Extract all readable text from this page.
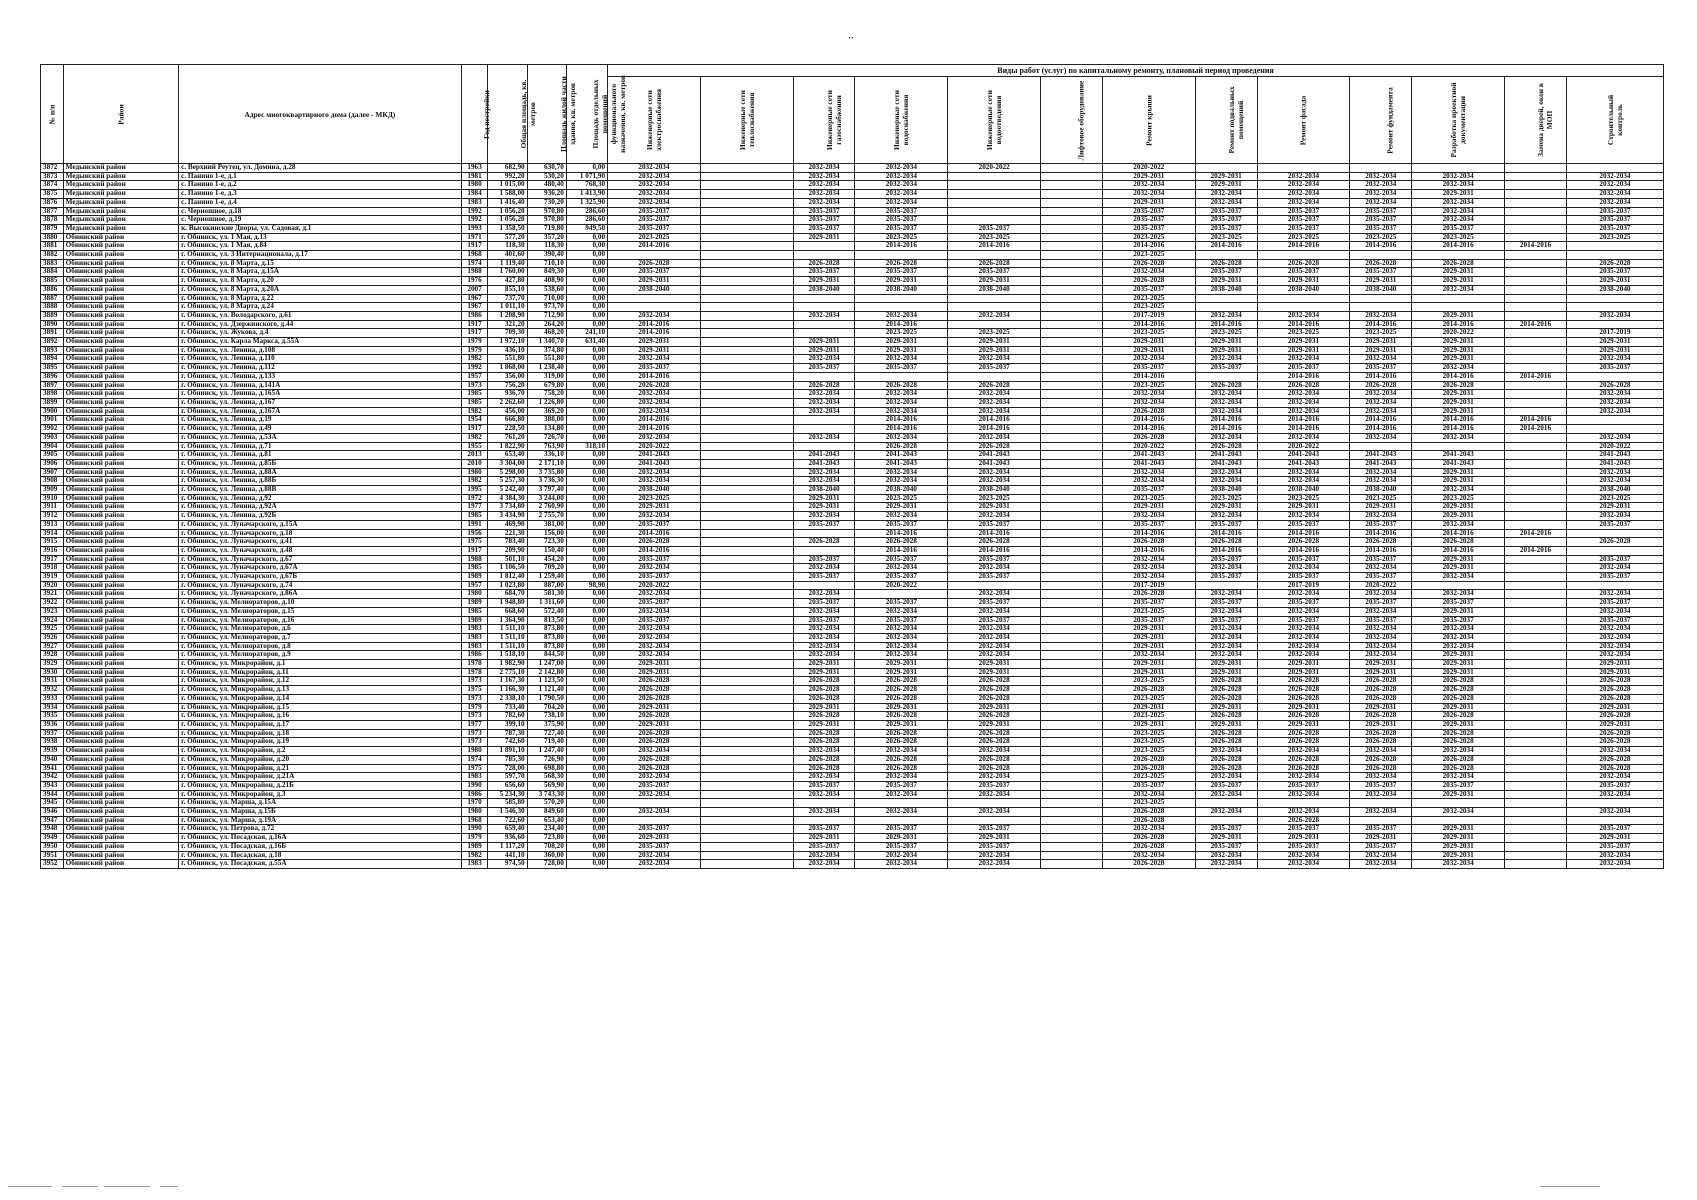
··
№ п/п	Район	Адрес многоквартирного дома (далее - МКД)	Год постройки	Общая площадь, кв. метров	Площадь жилой части здания, кв. метров	Площадь отдельных помещений функционального назначения, кв. метров	Виды работ (услуг) по капитальному ремонту, плановый период проведения												
							Инженерные сети электроснабжения	Инженерные сети теплоснабжения	Инженерные сети газоснабжения	Инженерные сети водоснабжения	Инженерные сети водоотведения	Лифтовое оборудование	Ремонт крыши	Ремонт подвальных помещений	Ремонт фасада	Ремонт фундамента	Разработка проектной документации	Замена дверей, окон в МОП	Строительный контроль
3872	Медынский район	с. Верхний Реутец, ул. Домина, д.28	1963	682,90	630,70	0,00	2032-2034		2032-2034	2032-2034	2020-2022		2020-2022						
3873	Медынский район	с. Панино 1-е, д.1	1981	992,20	530,20	1 071,90	2032-2034		2032-2034	2032-2034			2029-2031	2029-2031	2032-2034	2032-2034	2032-2034		2032-2034
3874	Медынский район	с. Панино 1-е, д.2	1980	1 015,00	480,40	768,30	2032-2034		2032-2034	2032-2034			2032-2034	2029-2031	2032-2034	2032-2034	2032-2034		2032-2034
3875	Медынский район	с. Панино 1-е, д.3	1984	1 588,00	936,20	1 413,90	2032-2034		2032-2034	2032-2034			2032-2034	2032-2034	2032-2034	2032-2034	2029-2031		2032-2034
3876	Медынский район	с. Панино 1-е, д.4	1983	1 416,40	730,20	1 325,90	2032-2034		2032-2034	2032-2034			2029-2031	2032-2034	2032-2034	2032-2034	2032-2034		2032-2034
3877	Медынский район	с. Черношное, д.18	1992	1 056,20	970,80	286,60	2035-2037		2035-2037	2035-2037			2035-2037	2035-2037	2035-2037	2035-2037	2032-2034		2035-2037
3878	Медынский район	с. Черношное, д.19	1992	1 056,20	970,80	286,60	2035-2037		2035-2037	2035-2037			2035-2037	2035-2037	2035-2037	2035-2037	2032-2034		2035-2037
3879	Медынский район	к. Высокинские Дворы, ул. Садовая, д.1	1993	1 358,50	719,80	949,50	2035-2037		2035-2037	2035-2037	2035-2037		2035-2037	2035-2037	2035-2037	2035-2037	2035-2037		2035-2037
3880	Обнинский район	г. Обнинск, ул. 1 Мая, д.13	1971	577,20	357,20	0,00	2023-2025		2029-2031	2023-2025	2023-2025		2023-2025	2023-2025	2023-2025	2023-2025	2023-2025		2023-2025
3881	Обнинский район	г. Обнинск, ул. 1 Мая, д.84	1917	118,30	118,30	0,00	2014-2016			2014-2016	2014-2016		2014-2016	2014-2016	2014-2016	2014-2016	2014-2016	2014-2016	
3882	Обнинский район	г. Обнинск, ул. 3 Интернационала, д.17	1968	401,60	390,40	0,00							2023-2025						
3883	Обнинский район	г. Обнинск, ул. 8 Марта, д.15	1974	1 119,40	710,10	0,00	2026-2028		2026-2028	2026-2028	2026-2028		2026-2028	2026-2028	2026-2028	2026-2028	2026-2028		2026-2028
3884	Обнинский район	г. Обнинск, ул. 8 Марта, д.15А	1988	1 760,00	849,30	0,00	2035-2037		2035-2037	2035-2037	2035-2037		2032-2034	2035-2037	2035-2037	2035-2037	2029-2031		2035-2037
3885	Обнинский район	г. Обнинск, ул. 8 Марта, д.20	1976	427,80	408,90	0,00	2029-2031		2029-2031	2029-2031	2029-2031		2026-2028	2029-2031	2029-2031	2029-2031	2029-2031		2029-2031
3886	Обнинский район	г. Обнинск, ул. 8 Марта, д.20А	2007	855,10	538,60	0,00	2038-2040		2038-2040	2038-2040	2038-2040		2035-2037	2038-2040	2038-2040	2038-2040	2032-2034		2038-2040
3887	Обнинский район	г. Обнинск, ул. 8 Марта, д.22	1967	737,70	710,00	0,00							2023-2025						
3888	Обнинский район	г. Обнинск, ул. 8 Марта, д.24	1967	1 011,10	973,70	0,00							2023-2025						
3889	Обнинский район	г. Обнинск, ул. Володарского, д.61	1986	1 208,90	712,90	0,00	2032-2034		2032-2034	2032-2034	2032-2034		2017-2019	2032-2034	2032-2034	2032-2034	2029-2031		2032-2034
3890	Обнинский район	г. Обнинск, ул. Дзержинского, д.44	1917	321,20	264,20	0,00	2014-2016			2014-2016			2014-2016	2014-2016	2014-2016	2014-2016	2014-2016	2014-2016	
3891	Обнинский район	г. Обнинск, ул. Жукова, д.4	1917	709,30	468,20	241,10	2014-2016			2023-2025	2023-2025		2023-2025	2023-2025	2023-2025	2023-2025	2020-2022		2017-2019
3892	Обнинский район	г. Обнинск, ул. Карла Маркса, д.55А	1979	1 972,10	1 340,70	631,40	2029-2031		2029-2031	2029-2031	2029-2031		2029-2031	2029-2031	2029-2031	2029-2031	2029-2031		2029-2031
3893	Обнинский район	г. Обнинск, ул. Ленина, д.108	1979	436,10	374,80	0,00	2029-2031		2029-2031	2029-2031	2029-2031		2029-2031	2029-2031	2029-2031	2029-2031	2029-2031		2029-2031
3894	Обнинский район	г. Обнинск, ул. Ленина, д.110	1982	551,80	551,80	0,00	2032-2034		2032-2034	2032-2034	2032-2034		2032-2034	2032-2034	2032-2034	2032-2034	2029-2031		2032-2034
3895	Обнинский район	г. Обнинск, ул. Ленина, д.112	1992	1 868,00	1 238,40	0,00	2035-2037		2035-2037	2035-2037	2035-2037		2035-2037	2035-2037	2035-2037	2035-2037	2032-2034		2035-2037
3896	Обнинский район	г. Обнинск, ул. Ленина, д.133	1957	356,00	319,00	0,00	2014-2016						2014-2016		2014-2016	2014-2016	2014-2016	2014-2016	
3897	Обнинский район	г. Обнинск, ул. Ленина, д.141А	1973	756,20	679,80	0,00	2026-2028		2026-2028	2026-2028	2026-2028		2023-2025	2026-2028	2026-2028	2026-2028	2026-2028		2026-2028
3898	Обнинский район	г. Обнинск, ул. Ленина, д.165А	1985	936,70	758,20	0,00	2032-2034		2032-2034	2032-2034	2032-2034		2032-2034	2032-2034	2032-2034	2032-2034	2029-2031		2032-2034
3899	Обнинский район	г. Обнинск, ул. Ленина, д.167	1985	2 262,60	1 226,80	0,00	2032-2034		2032-2034	2032-2034	2032-2034		2032-2034	2032-2034	2032-2034	2032-2034	2029-2031		2032-2034
3900	Обнинский район	г. Обнинск, ул. Ленина, д.167А	1982	456,00	369,20	0,00	2032-2034		2032-2034	2032-2034	2032-2034		2026-2028	2032-2034	2032-2034	2032-2034	2029-2031		2032-2034
3901	Обнинский район	г. Обнинск, ул. Ленина, д.19	1954	666,80	388,00	0,00	2014-2016			2014-2016	2014-2016		2014-2016	2014-2016	2014-2016	2014-2016	2014-2016	2014-2016	
3902	Обнинский район	г. Обнинск, ул. Ленина, д.49	1917	228,50	134,80	0,00	2014-2016			2014-2016	2014-2016		2014-2016	2014-2016	2014-2016	2014-2016	2014-2016	2014-2016	
3903	Обнинский район	г. Обнинск, ул. Ленина, д.53А	1982	761,20	726,70	0,00	2032-2034		2032-2034	2032-2034	2032-2034		2026-2028	2032-2034	2032-2034	2032-2034	2032-2034		2032-2034
3904	Обнинский район	г. Обнинск, ул. Ленина, д.71	1955	1 822,90	763,90	318,10	2020-2022			2026-2028	2026-2028		2020-2022	2026-2028	2020-2022				2020-2022
3905	Обнинский район	г. Обнинск, ул. Ленина, д.81	2013	653,40	336,10	0,00	2041-2043		2041-2043	2041-2043	2041-2043		2041-2043	2041-2043	2041-2043	2041-2043	2041-2043		2041-2043
3906	Обнинский район	г. Обнинск, ул. Ленина, д.85Б	2010	3 304,00	2 171,10	0,00	2041-2043		2041-2043	2041-2043	2041-2043		2041-2043	2041-2043	2041-2043	2041-2043	2041-2043		2041-2043
3907	Обнинский район	г. Обнинск, ул. Ленина, д.88А	1980	5 298,00	3 735,80	0,00	2032-2034		2032-2034	2032-2034	2032-2034		2032-2034	2032-2034	2032-2034	2032-2034	2029-2031		2032-2034
3908	Обнинский район	г. Обнинск, ул. Ленина, д.88Б	1982	5 257,30	3 736,30	0,00	2032-2034		2032-2034	2032-2034	2032-2034		2032-2034	2032-2034	2032-2034	2032-2034	2029-2031		2032-2034
3909	Обнинский район	г. Обнинск, ул. Ленина, д.88В	1995	5 242,40	3 797,40	0,00	2038-2040		2038-2040	2038-2040	2038-2040		2035-2037	2038-2040	2038-2040	2038-2040	2032-2034		2038-2040
3910	Обнинский район	г. Обнинск, ул. Ленина, д.92	1972	4 384,30	3 244,00	0,00	2023-2025		2029-2031	2023-2025	2023-2025		2023-2025	2023-2025	2023-2025	2023-2025	2023-2025		2023-2025
3911	Обнинский район	г. Обнинск, ул. Ленина, д.92А	1977	3 734,80	2 760,90	0,00	2029-2031		2029-2031	2029-2031	2029-2031		2029-2031	2029-2031	2029-2031	2029-2031	2029-2031		2029-2031
3912	Обнинский район	г. Обнинск, ул. Ленина, д.92Б	1985	3 434,90	2 755,70	0,00	2032-2034		2032-2034	2032-2034	2032-2034		2032-2034	2032-2034	2032-2034	2032-2034	2029-2031		2032-2034
3913	Обнинский район	г. Обнинск, ул. Луначарского, д.15А	1991	469,90	381,00	0,00	2035-2037		2035-2037	2035-2037	2035-2037		2035-2037	2035-2037	2035-2037	2035-2037	2032-2034		2035-2037
3914	Обнинский район	г. Обнинск, ул. Луначарского, д.18	1956	221,30	156,00	0,00	2014-2016			2014-2016	2014-2016		2014-2016	2014-2016	2014-2016	2014-2016	2014-2016	2014-2016	
3915	Обнинский район	г. Обнинск, ул. Луначарского, д.41	1975	783,40	723,30	0,00	2026-2028		2026-2028	2026-2028	2026-2028		2026-2028	2026-2028	2026-2028	2026-2028	2026-2028		2026-2028
3916	Обнинский район	г. Обнинск, ул. Луначарского, д.48	1917	209,90	150,40	0,00	2014-2016			2014-2016	2014-2016		2014-2016	2014-2016	2014-2016	2014-2016	2014-2016	2014-2016	
3917	Обнинский район	г. Обнинск, ул. Луначарского, д.67	1988	501,10	454,20	0,00	2035-2037		2035-2037	2035-2037	2035-2037		2032-2034	2035-2037	2035-2037	2035-2037	2029-2031		2035-2037
3918	Обнинский район	г. Обнинск, ул. Луначарского, д.67А	1985	1 106,50	709,20	0,00	2032-2034		2032-2034	2032-2034	2032-2034		2032-2034	2032-2034	2032-2034	2032-2034	2029-2031		2032-2034
3919	Обнинский район	г. Обнинск, ул. Луначарского, д.67Б	1989	1 812,40	1 259,40	0,00	2035-2037		2035-2037	2035-2037	2035-2037		2032-2034	2035-2037	2035-2037	2035-2037	2032-2034		2035-2037
3920	Обнинский район	г. Обнинск, ул. Луначарского, д.74	1957	1 023,80	887,00	98,90	2020-2022			2020-2022			2017-2019		2017-2019	2020-2022			
3921	Обнинский район	г. Обнинск, ул. Луначарского, д.86А	1980	684,70	581,30	0,00	2032-2034		2032-2034		2032-2034		2026-2028	2032-2034	2032-2034	2032-2034	2032-2034		2032-2034
3922	Обнинский район	г. Обнинск, ул. Мелиораторов, д.10	1989	1 948,80	1 311,60	0,00	2035-2037		2035-2037	2035-2037	2035-2037		2035-2037	2035-2037	2035-2037	2035-2037	2035-2037		2035-2037
3923	Обнинский район	г. Обнинск, ул. Мелиораторов, д.15	1985	668,60	572,40	0,00	2032-2034		2032-2034	2032-2034	2032-2034		2023-2025	2032-2034	2032-2034	2032-2034	2029-2031		2032-2034
3924	Обнинский район	г. Обнинск, ул. Мелиораторов, д.16	1989	1 364,90	813,50	0,00	2035-2037		2035-2037	2035-2037	2035-2037		2035-2037	2035-2037	2035-2037	2035-2037	2035-2037		2035-2037
3925	Обнинский район	г. Обнинск, ул. Мелиораторов, д.6	1983	1 511,10	873,80	0,00	2032-2034		2032-2034	2032-2034	2032-2034		2029-2031	2032-2034	2032-2034	2032-2034	2032-2034		2032-2034
3926	Обнинский район	г. Обнинск, ул. Мелиораторов, д.7	1983	1 511,10	873,80	0,00	2032-2034		2032-2034	2032-2034	2032-2034		2029-2031	2032-2034	2032-2034	2032-2034	2032-2034		2032-2034
3927	Обнинский район	г. Обнинск, ул. Мелиораторов, д.8	1983	1 511,10	873,80	0,00	2032-2034		2032-2034	2032-2034	2032-2034		2029-2031	2032-2034	2032-2034	2032-2034	2032-2034		2032-2034
3928	Обнинский район	г. Обнинск, ул. Мелиораторов, д.9	1986	1 518,10	844,50	0,00	2032-2034		2032-2034	2032-2034	2032-2034		2032-2034	2032-2034	2032-2034	2032-2034	2029-2031		2032-2034
3929	Обнинский район	г. Обнинск, ул. Микрорайон, д.1	1978	1 982,90	1 247,00	0,00	2029-2031		2029-2031	2029-2031	2029-2031		2029-2031	2029-2031	2029-2031	2029-2031	2029-2031		2029-2031
3930	Обнинский район	г. Обнинск, ул. Микрорайон, д.11	1978	2 775,10	2 142,80	0,00	2029-2031		2029-2031	2029-2031	2029-2031		2029-2031	2029-2031	2029-2031	2029-2031	2029-2031		2029-2031
3931	Обнинский район	г. Обнинск, ул. Микрорайон, д.12	1973	1 167,30	1 123,50	0,00	2026-2028		2026-2028	2026-2028	2026-2028		2023-2025	2026-2028	2026-2028	2026-2028	2026-2028		2026-2028
3932	Обнинский район	г. Обнинск, ул. Микрорайон, д.13	1975	1 166,30	1 121,40	0,00	2026-2028		2026-2028	2026-2028	2026-2028		2026-2028	2026-2028	2026-2028	2026-2028	2026-2028		2026-2028
3933	Обнинский район	г. Обнинск, ул. Микрорайон, д.14	1973	2 338,10	1 790,50	0,00	2026-2028		2026-2028	2026-2028	2026-2028		2023-2025	2026-2028	2026-2028	2026-2028	2026-2028		2026-2028
3934	Обнинский район	г. Обнинск, ул. Микрорайон, д.15	1979	733,40	704,20	0,00	2029-2031		2029-2031	2029-2031	2029-2031		2029-2031	2029-2031	2029-2031	2029-2031	2029-2031		2029-2031
3935	Обнинский район	г. Обнинск, ул. Микрорайон, д.16	1973	782,60	738,10	0,00	2026-2028		2026-2028	2026-2028	2026-2028		2023-2025	2026-2028	2026-2028	2026-2028	2026-2028		2026-2028
3936	Обнинский район	г. Обнинск, ул. Микрорайон, д.17	1977	399,10	375,90	0,00	2029-2031		2029-2031	2029-2031	2029-2031		2029-2031	2029-2031	2029-2031	2029-2031	2029-2031		2029-2031
3937	Обнинский район	г. Обнинск, ул. Микрорайон, д.18	1973	787,30	727,40	0,00	2026-2028		2026-2028	2026-2028	2026-2028		2023-2025	2026-2028	2026-2028	2026-2028	2026-2028		2026-2028
3938	Обнинский район	г. Обнинск, ул. Микрорайон, д.19	1973	742,60	719,40	0,00	2026-2028		2026-2028	2026-2028	2026-2028		2023-2025	2026-2028	2026-2028	2026-2028	2026-2028		2026-2028
3939	Обнинский район	г. Обнинск, ул. Микрорайон, д.2	1980	1 891,10	1 247,40	0,00	2032-2034		2032-2034	2032-2034	2032-2034		2023-2025	2032-2034	2032-2034	2032-2034	2032-2034		2032-2034
3940	Обнинский район	г. Обнинск, ул. Микрорайон, д.20	1974	785,30	726,90	0,00	2026-2028		2026-2028	2026-2028	2026-2028		2026-2028	2026-2028	2026-2028	2026-2028	2026-2028		2026-2028
3941	Обнинский район	г. Обнинск, ул. Микрорайон, д.21	1975	728,00	698,80	0,00	2026-2028		2026-2028	2026-2028	2026-2028		2026-2028	2026-2028	2026-2028	2026-2028	2026-2028		2026-2028
3942	Обнинский район	г. Обнинск, ул. Микрорайон, д.21А	1983	597,70	568,30	0,00	2032-2034		2032-2034	2032-2034	2032-2034		2023-2025	2032-2034	2032-2034	2032-2034	2032-2034		2032-2034
3943	Обнинский район	г. Обнинск, ул. Микрорайон, д.21Б	1990	656,60	569,90	0,00	2035-2037		2035-2037	2035-2037	2035-2037		2035-2037	2035-2037	2035-2037	2035-2037	2035-2037		2035-2037
3944	Обнинский район	г. Обнинск, ул. Микрорайон, д.3	1986	5 234,30	3 743,30	0,00	2032-2034		2032-2034	2032-2034	2032-2034		2032-2034	2032-2034	2032-2034	2032-2034	2029-2031		2032-2034
3945	Обнинский район	г. Обнинск, ул. Марша, д.15А	1970	585,80	570,20	0,00							2023-2025						
3946	Обнинский район	г. Обнинск, ул. Марша, д.15Б	1980	1 546,30	849,60	0,00	2032-2034		2032-2034	2032-2034	2032-2034		2026-2028	2032-2034	2032-2034	2032-2034	2032-2034		2032-2034
3947	Обнинский район	г. Обнинск, ул. Марша, д.19А	1968	722,60	653,40	0,00							2026-2028		2026-2028				
3948	Обнинский район	г. Обнинск, ул. Петрова, д.72	1990	659,40	234,40	0,00	2035-2037		2035-2037	2035-2037	2035-2037		2032-2034	2035-2037	2035-2037	2035-2037	2029-2031		2035-2037
3949	Обнинский район	г. Обнинск, ул. Посадская, д.16А	1979	936,60	723,80	0,00	2029-2031		2029-2031	2029-2031	2029-2031		2026-2028	2029-2031	2029-2031	2029-2031	2029-2031		2029-2031
3950	Обнинский район	г. Обнинск, ул. Посадская, д.16Б	1989	1 117,20	708,20	0,00	2035-2037		2035-2037	2035-2037	2035-2037		2026-2028	2035-2037	2035-2037	2035-2037	2029-2031		2035-2037
3951	Обнинский район	г. Обнинск, ул. Посадская, д.18	1982	441,10	360,00	0,00	2032-2034		2032-2034	2032-2034	2032-2034		2032-2034	2032-2034	2032-2034	2032-2034	2029-2031		2032-2034
3952	Обнинский район	г. Обнинск, ул. Посадская, д.55А	1983	974,50	728,00	0,00	2032-2034		2032-2034	2032-2034	2032-2034		2026-2028	2032-2034	2032-2034	2032-2034	2032-2034		2032-2034
